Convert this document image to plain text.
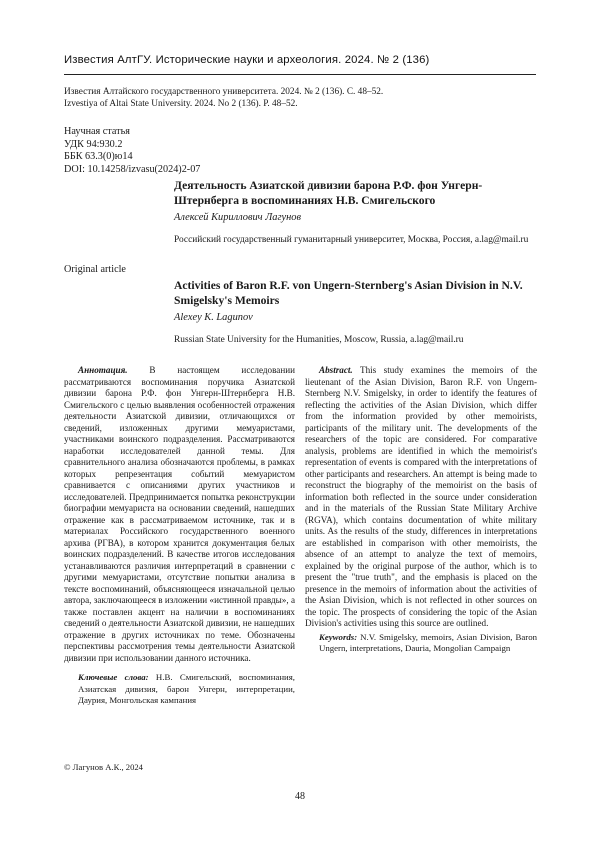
Известия АлтГУ. Исторические науки и археология. 2024. № 2 (136)
Известия Алтайского государственного университета. 2024. № 2 (136). С. 48–52.
Izvestiya of Altai State University. 2024. No 2 (136). P. 48–52.
Научная статья
УДК 94:930.2
ББК 63.3(0)ю14
DOI: 10.14258/izvasu(2024)2-07
Деятельность Азиатской дивизии барона Р.Ф. фон Унгерн-Штернберга в воспоминаниях Н.В. Смигельского
Алексей Кириллович Лагунов
Российский государственный гуманитарный университет, Москва, Россия, a.lag@mail.ru
Original article
Activities of Baron R.F. von Ungern-Sternberg's Asian Division in N.V. Smigelsky's Memoirs
Alexey K. Lagunov
Russian State University for the Humanities, Moscow, Russia, a.lag@mail.ru

Аннотация. В настоящем исследовании рассматриваются воспоминания поручика Азиатской дивизии барона Р.Ф. фон Унгерн-Штернберга Н.В. Смигельского с целью выявления особенностей отражения деятельности Азиатской дивизии, отличающихся от сведений, изложенных другими мемуаристами, участниками воинского подразделения. Рассматриваются наработки исследователей данной темы. Для сравнительного анализа обозначаются проблемы, в рамках которых репрезентация событий мемуаристом сравнивается с описаниями других участников и исследователей. Предпринимается попытка реконструкции биографии мемуариста на основании сведений, нашедших отражение как в рассматриваемом источнике, так и в материалах Российского государственного военного архива (РГВА), в котором хранится документация белых воинских подразделений. В качестве итогов исследования устанавливаются различия интерпретаций в сравнении с другими мемуаристами, отсутствие попытки анализа в тексте воспоминаний, объясняющееся изначальной целью автора, заключающееся в изложении «истинной правды», а также поставлен акцент на наличии в воспоминаниях сведений о деятельности Азиатской дивизии, не нашедших отражение в других источниках по теме. Обозначены перспективы рассмотрения темы деятельности Азиатской дивизии при использовании данного источника.

Ключевые слова: Н.В. Смигельский, воспоминания, Азиатская дивизия, барон Унгерн, интерпретации, Даурия, Монгольская кампания

Abstract. This study examines the memoirs of the lieutenant of the Asian Division, Baron R.F. von Ungern-Sternberg N.V. Smigelsky, in order to identify the features of reflecting the activities of the Asian Division, which differ from the information provided by other memoirists, participants of the military unit. The developments of the researchers of the topic are considered. For comparative analysis, problems are identified in which the memoirist's representation of events is compared with the interpretations of other participants and researchers. An attempt is being made to reconstruct the biography of the memoirist on the basis of information both reflected in the source under consideration and in the materials of the Russian State Military Archive (RGVA), which contains documentation of white military units. As the results of the study, differences in interpretations are established in comparison with other memoirists, the absence of an attempt to analyze the text of memoirs, explained by the original purpose of the author, which is to present the "true truth", and the emphasis is placed on the presence in the memoirs of information about the activities of the Asian Division, which is not reflected in other sources on the topic. The prospects of considering the topic of the Asian Division's activities using this source are outlined.

Keywords: N.V. Smigelsky, memoirs, Asian Division, Baron Ungern, interpretations, Dauria, Mongolian Campaign
© Лагунов А.К., 2024
48
